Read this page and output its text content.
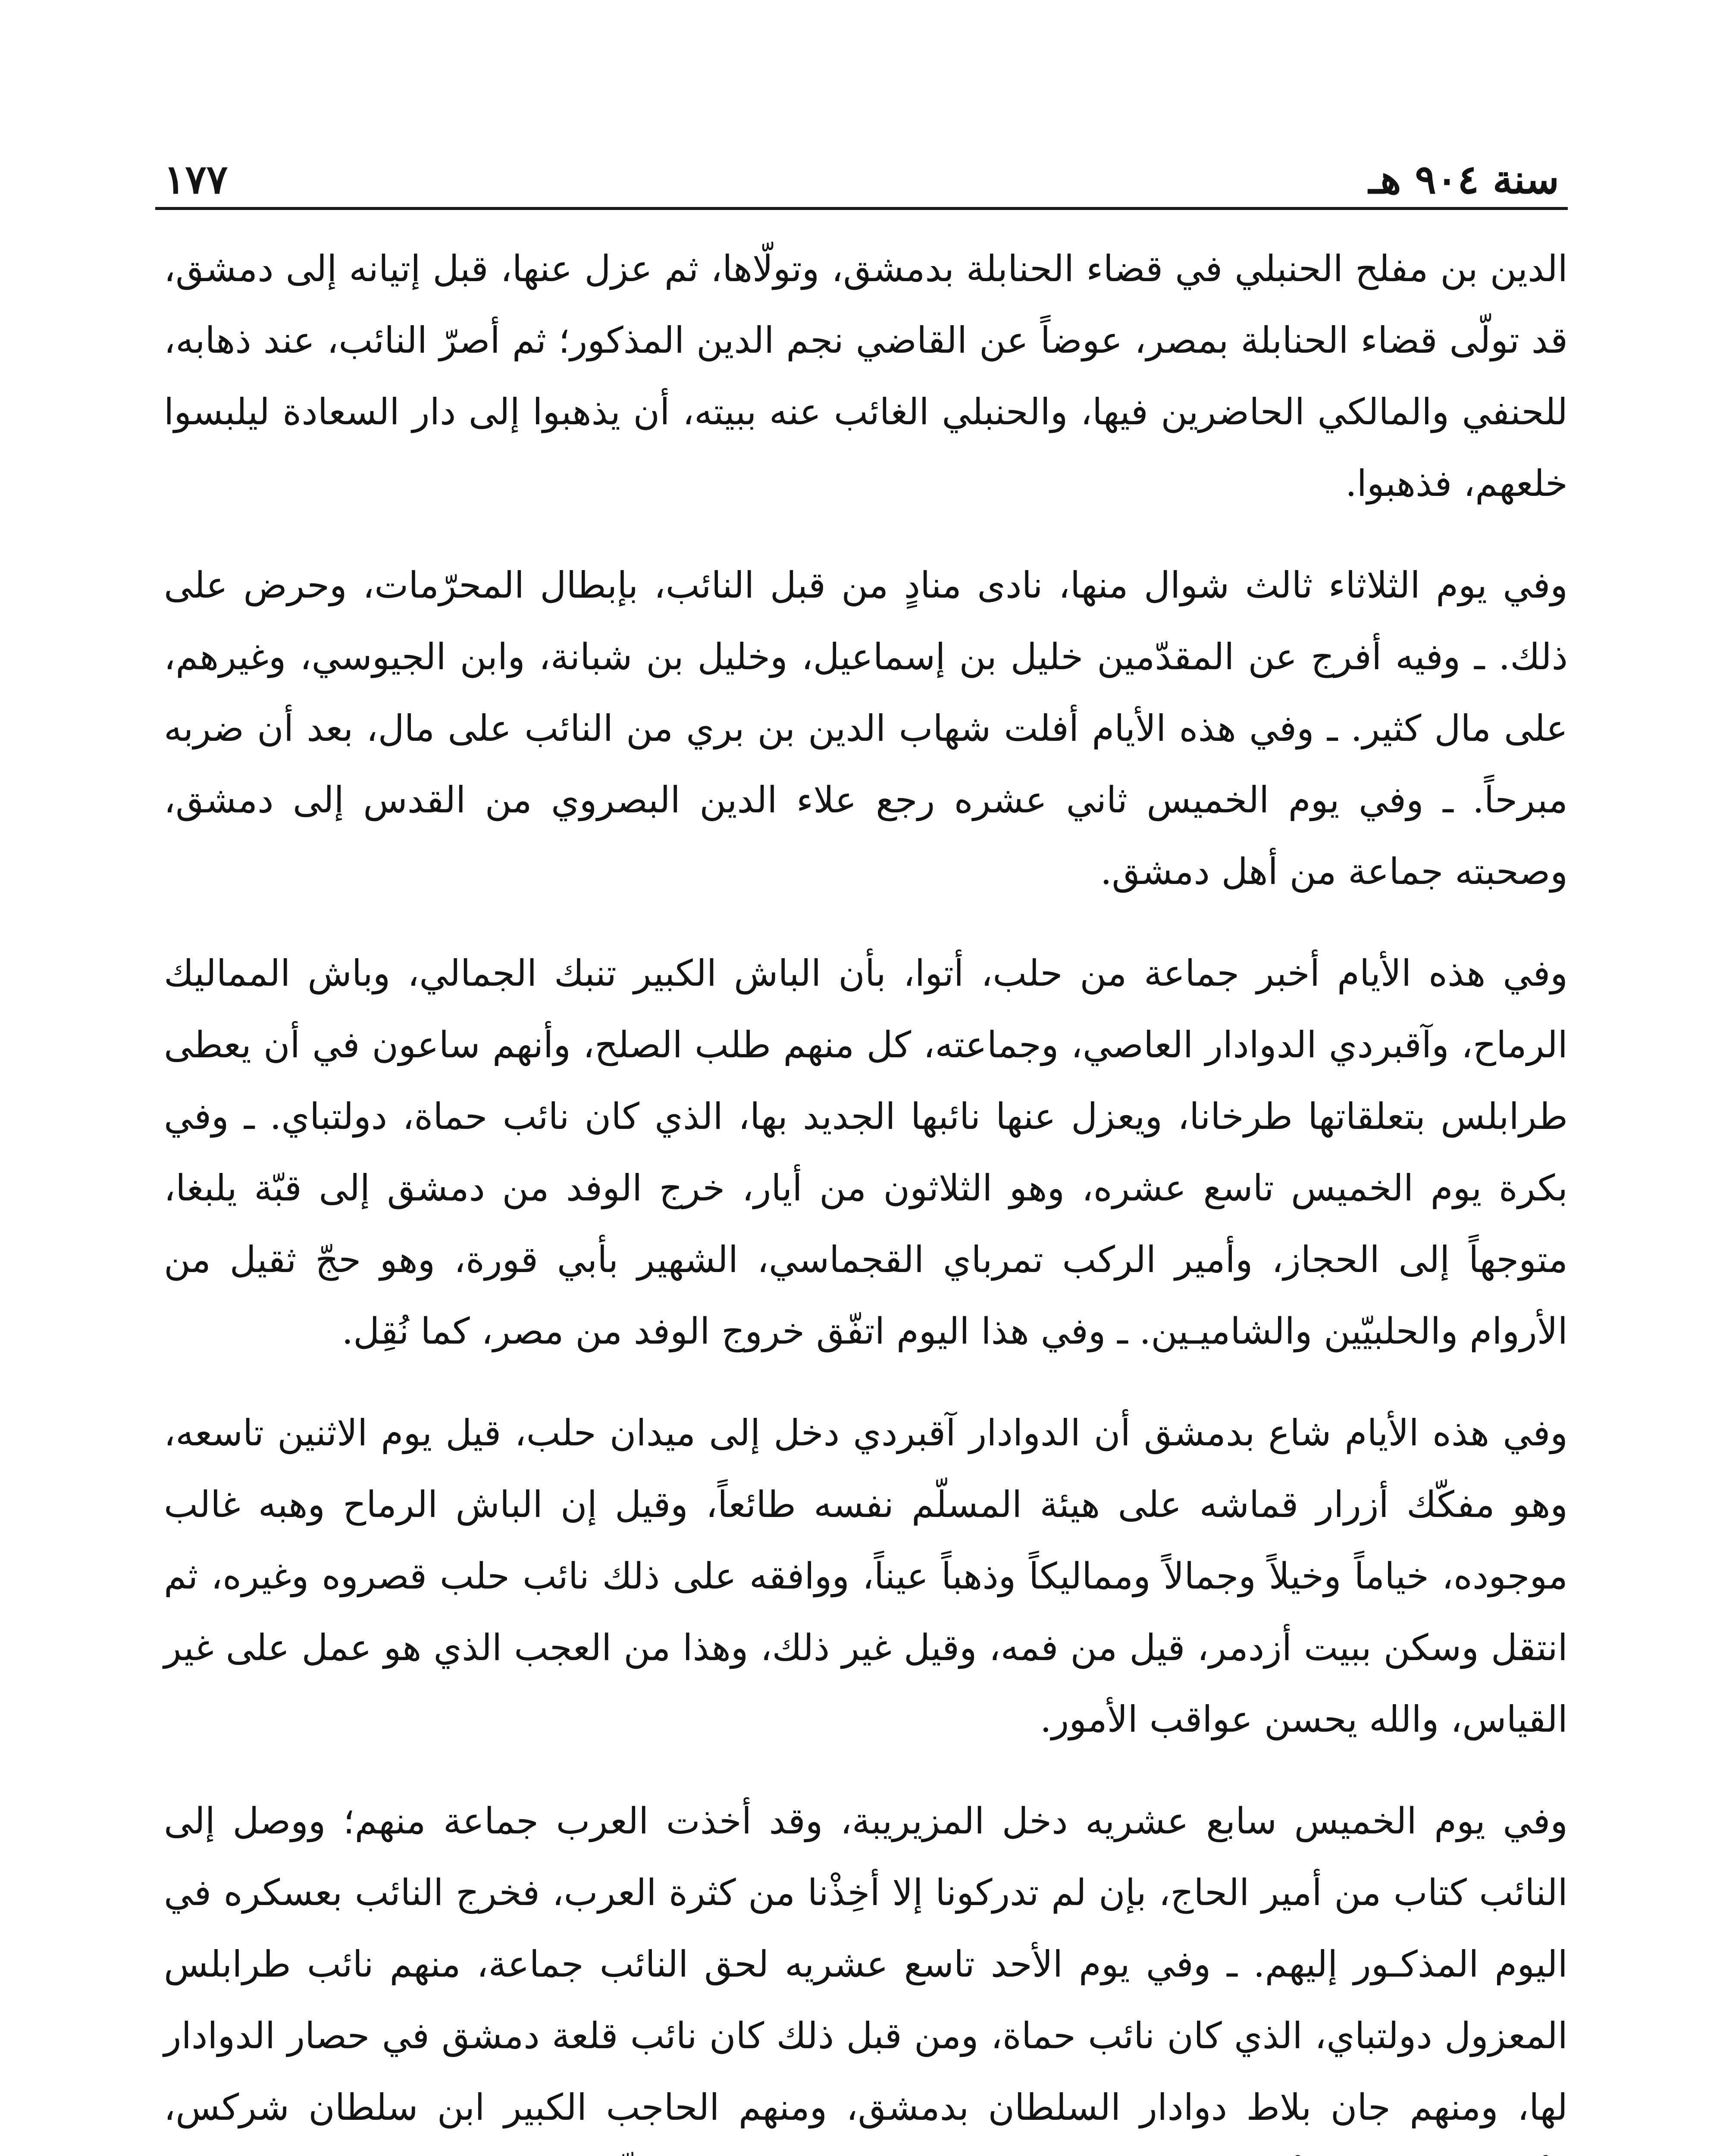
سنة ٩٠٤ هـ
١٧٧

الدين بن مفلح الحنبلي في قضاء الحنابلة بدمشق، وتولّاها، ثم عزل عنها، قبل إتيانه إلى دمشق، قد تولّى قضاء الحنابلة بمصر، عوضاً عن القاضي نجم الدين المذكور؛ ثم أصرّ النائب، عند ذهابه، للحنفي والمالكي الحاضرين فيها، والحنبلي الغائب عنه ببيته، أن يذهبوا إلى دار السعادة ليلبسوا خلعهم، فذهبوا.

وفي يوم الثلاثاء ثالث شوال منها، نادى منادٍ من قبل النائب، بإبطال المحرّمات، وحرض على ذلك. ـ وفيه أفرج عن المقدّمين خليل بن إسماعيل، وخليل بن شبانة، وابن الجيوسي، وغيرهم، على مال كثير. ـ وفي هذه الأيام أفلت شهاب الدين بن بري من النائب على مال، بعد أن ضربه مبرحاً. ـ وفي يوم الخميس ثاني عشره رجع علاء الدين البصروي من القدس إلى دمشق، وصحبته جماعة من أهل دمشق.

وفي هذه الأيام أخبر جماعة من حلب، أتوا، بأن الباش الكبير تنبك الجمالي، وباش المماليك الرماح، وآقبردي الدوادار العاصي، وجماعته، كل منهم طلب الصلح، وأنهم ساعون في أن يعطى طرابلس بتعلقاتها طرخانا، ويعزل عنها نائبها الجديد بها، الذي كان نائب حماة، دولتباي. ـ وفي بكرة يوم الخميس تاسع عشره، وهو الثلاثون من أيار، خرج الوفد من دمشق إلى قبّة يلبغا، متوجهاً إلى الحجاز، وأمير الركب تمرباي القجماسي، الشهير بأبي قورة، وهو حجّ ثقيل من الأروام والحلبيّين والشاميـين. ـ وفي هذا اليوم اتفّق خروج الوفد من مصر، كما نُقِل.

وفي هذه الأيام شاع بدمشق أن الدوادار آقبردي دخل إلى ميدان حلب، قيل يوم الاثنين تاسعه، وهو مفكّك أزرار قماشه على هيئة المسلّم نفسه طائعاً، وقيل إن الباش الرماح وهبه غالب موجوده، خياماً وخيلاً وجمالاً ومماليكاً وذهباً عيناً، ووافقه على ذلك نائب حلب قصروه وغيره، ثم انتقل وسكن ببيت أزدمر، قيل من فمه، وقيل غير ذلك، وهذا من العجب الذي هو عمل على غير القياس، والله يحسن عواقب الأمور.

وفي يوم الخميس سابع عشريه دخل المزيريبة، وقد أخذت العرب جماعة منهم؛ ووصل إلى النائب كتاب من أمير الحاج، بإن لم تدركونا إلا أخِذْنا من كثرة العرب، فخرج النائب بعسكره في اليوم المذكـور إليهم. ـ وفي يوم الأحد تاسع عشريه لحق النائب جماعة، منهم نائب طرابلس المعزول دولتباي، الذي كان نائب حماة، ومن قبل ذلك كان نائب قلعة دمشق في حصار الدوادار لها، ومنهم جان بلاط دوادار السلطان بدمشق، ومنهم الحاجب الكبير ابن سلطان شركس،
